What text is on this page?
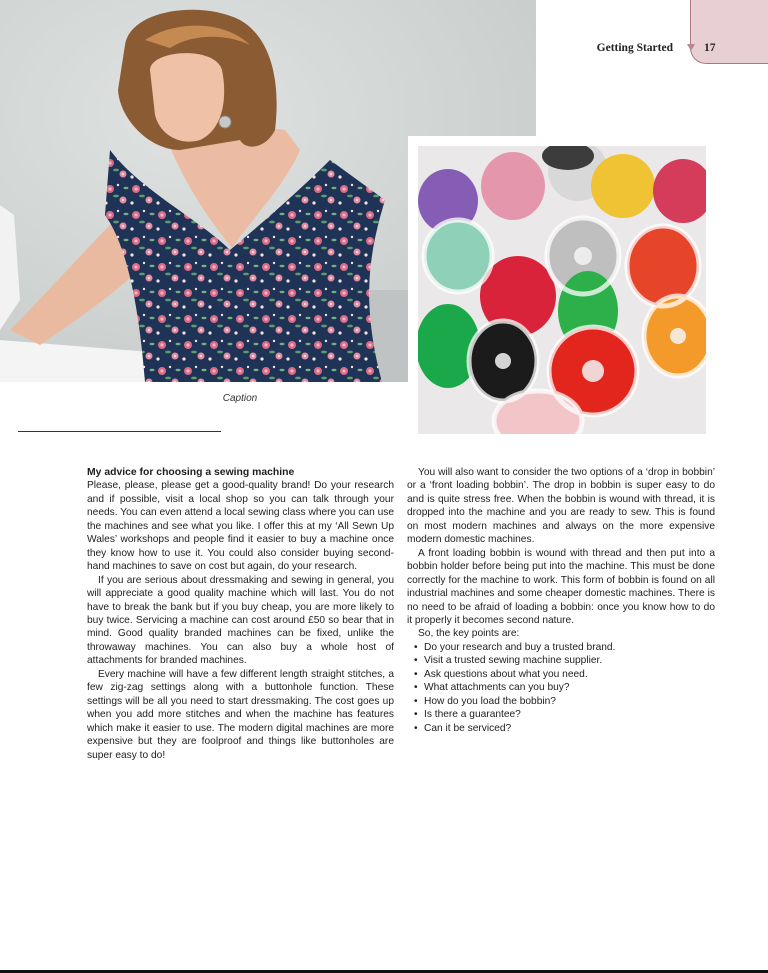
Caption
Getting Started	17
My advice for choosing a sewing machine

Please, please, please get a good-quality brand! Do your research and if possible, visit a local shop so you can talk through your needs. You can even attend a local sewing class where you can use the machines and see what you like. I offer this at my ‘All Sewn Up Wales’ workshops and people find it easier to buy a machine once they know how to use it. You could also consider buying second-hand machines to save on cost but again, do your research.

If you are serious about dressmaking and sewing in general, you will appreciate a good quality machine which will last. You do not have to break the bank but if you buy cheap, you are more likely to buy twice. Servicing a machine can cost around £50 so bear that in mind. Good quality branded machines can be fixed, unlike the throwaway machines. You can also buy a whole host of attachments for branded machines.

Every machine will have a few different length straight stitches, a few zig-zag settings along with a buttonhole function. These settings will be all you need to start dressmaking. The cost goes up when you add more stitches and when the machine has features which make it easier to use. The modern digital machines are more expensive but they are foolproof and things like buttonholes are super easy to do!

You will also want to consider the two options of a ‘drop in bobbin’ or a ‘front loading bobbin’. The drop in bobbin is super easy to do and is quite stress free. When the bobbin is wound with thread, it is dropped into the machine and you are ready to sew. This is found on most modern machines and always on the more expensive modern domestic machines.

A front loading bobbin is wound with thread and then put into a bobbin holder before being put into the machine. This must be done correctly for the machine to work. This form of bobbin is found on all industrial machines and some cheaper domestic machines. There is no need to be afraid of loading a bobbin: once you know how to do it properly it becomes second nature.

So, the key points are:

• Do your research and buy a trusted brand.
• Visit a trusted sewing machine supplier.
• Ask questions about what you need.
• What attachments can you buy?
• How do you load the bobbin?
• Is there a guarantee?
• Can it be serviced?
